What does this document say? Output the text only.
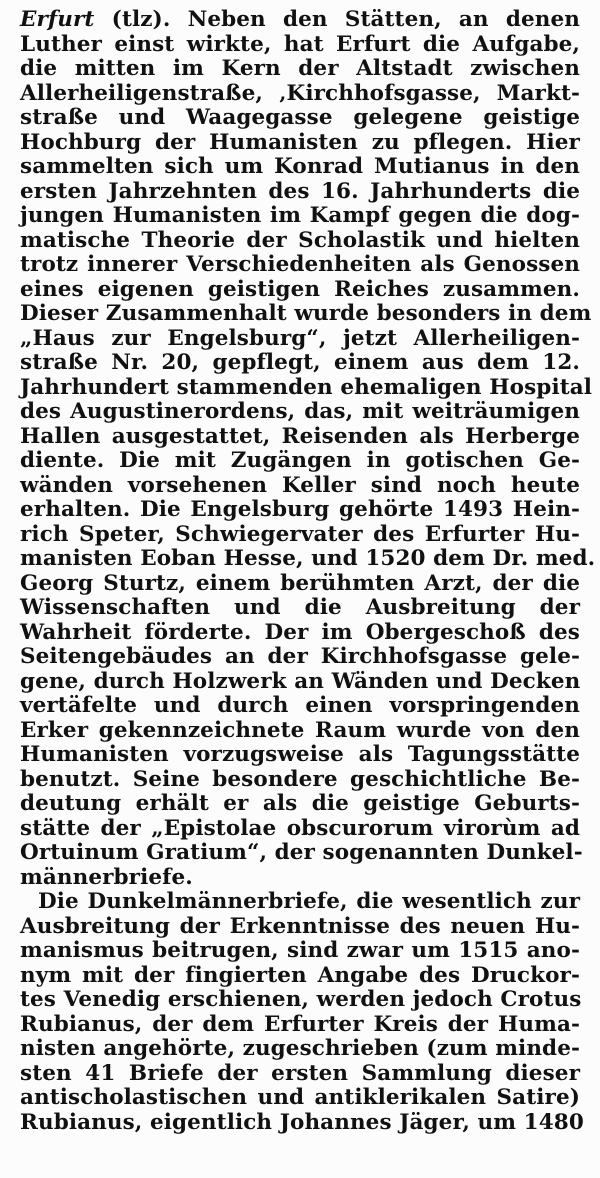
Erfurt (tlz). Neben den Stätten, an denen
Luther einst wirkte, hat Erfurt die Aufgabe,
die mitten im Kern der Altstadt zwischen
Allerheiligenstraße, ‚Kirchhofsgasse, Markt-
straße und Waagegasse gelegene geistige
Hochburg der Humanisten zu pflegen. Hier
sammelten sich um Konrad Mutianus in den
ersten Jahrzehnten des 16. Jahrhunderts die
jungen Humanisten im Kampf gegen die dog-
matische Theorie der Scholastik und hielten
trotz innerer Verschiedenheiten als Genossen
eines eigenen geistigen Reiches zusammen.
Dieser Zusammenhalt wurde besonders in dem
„Haus zur Engelsburg“, jetzt Allerheiligen-
straße Nr. 20, gepflegt, einem aus dem 12.
Jahrhundert stammenden ehemaligen Hospital
des Augustinerordens, das, mit weiträumigen
Hallen ausgestattet, Reisenden als Herberge
diente. Die mit Zugängen in gotischen Ge-
wänden vorsehenen Keller sind noch heute
erhalten. Die Engelsburg gehörte 1493 Hein-
rich Speter, Schwiegervater des Erfurter Hu-
manisten Eoban Hesse, und 1520 dem Dr. med.
Georg Sturtz, einem berühmten Arzt, der die
Wissenschaften und die Ausbreitung der
Wahrheit förderte. Der im Obergeschoß des
Seitengebäudes an der Kirchhofsgasse gele-
gene, durch Holzwerk an Wänden und Decken
vertäfelte und durch einen vorspringenden
Erker gekennzeichnete Raum wurde von den
Humanisten vorzugsweise als Tagungsstätte
benutzt. Seine besondere geschichtliche Be-
deutung erhält er als die geistige Geburts-
stätte der „Epistolae obscurorum virorùm ad
Ortuinum Gratium“, der sogenannten Dunkel-
männerbriefe.
Die Dunkelmännerbriefe, die wesentlich zur
Ausbreitung der Erkenntnisse des neuen Hu-
manismus beitrugen, sind zwar um 1515 ano-
nym mit der fingierten Angabe des Druckor-
tes Venedig erschienen, werden jedoch Crotus
Rubianus, der dem Erfurter Kreis der Huma-
nisten angehörte, zugeschrieben (zum minde-
sten 41 Briefe der ersten Sammlung dieser
antischolastischen und antiklerikalen Satire)
Rubianus, eigentlich Johannes Jäger, um 1480
